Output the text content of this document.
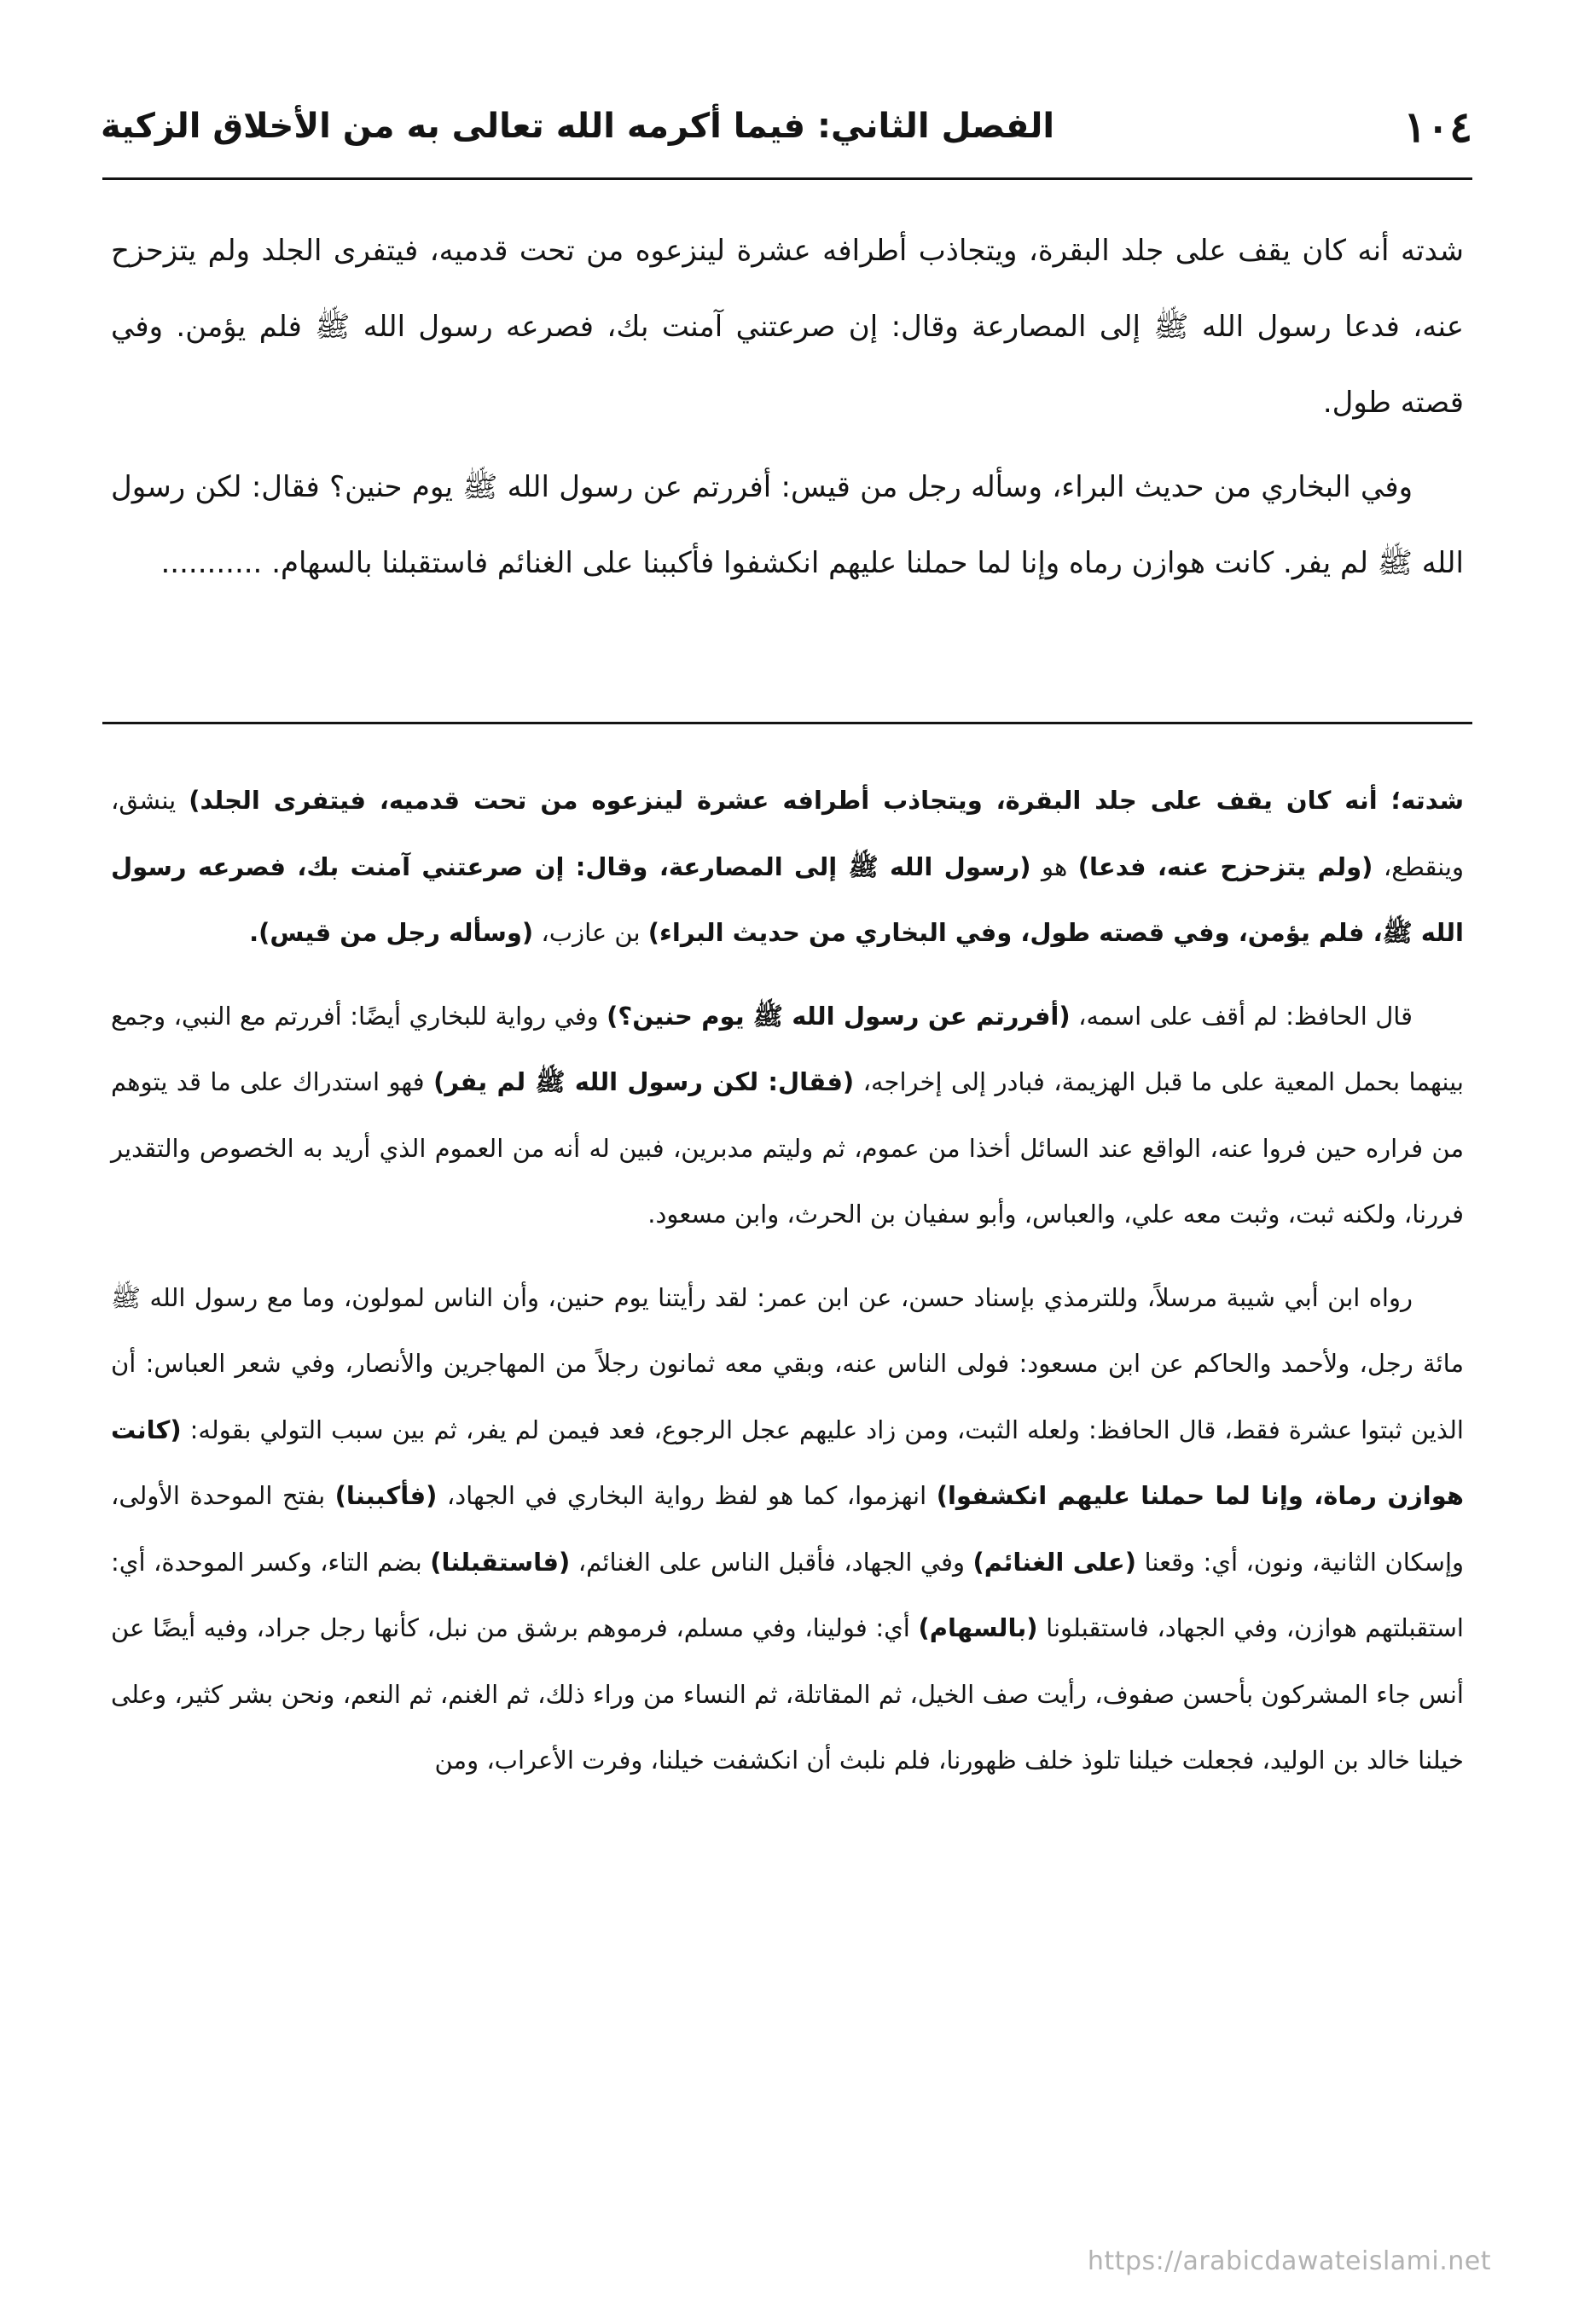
١٠٤
الفصل الثاني: فيما أكرمه الله تعالى به من الأخلاق الزكية

شدته أنه كان يقف على جلد البقرة، ويتجاذب أطرافه عشرة لينزعوه من تحت قدميه، فيتفرى الجلد ولم يتزحزح عنه، فدعا رسول الله ﷺ إلى المصارعة وقال: إن صرعتني آمنت بك، فصرعه رسول الله ﷺ فلم يؤمن. وفي قصته طول.

وفي البخاري من حديث البراء، وسأله رجل من قيس: أفررتم عن رسول الله ﷺ يوم حنين؟ فقال: لكن رسول الله ﷺ لم يفر. كانت هوازن رماه وإنا لما حملنا عليهم انكشفوا فأكببنا على الغنائم فاستقبلنا بالسهام. ...........

شدته؛ أنه كان يقف على جلد البقرة، ويتجاذب أطرافه عشرة لينزعوه من تحت قدميه، فيتفرى الجلد) ينشق، وينقطع، (ولم يتزحزح عنه، فدعا) هو (رسول الله ﷺ إلى المصارعة، وقال: إن صرعتني آمنت بك، فصرعه رسول الله ﷺ، فلم يؤمن، وفي قصته طول، وفي البخاري من حديث البراء) بن عازب، (وسأله رجل من قيس).

قال الحافظ: لم أقف على اسمه، (أفررتم عن رسول الله ﷺ يوم حنين؟) وفي رواية للبخاري أيضًا: أفررتم مع النبي، وجمع بينهما بحمل المعية على ما قبل الهزيمة، فبادر إلى إخراجه، (فقال: لكن رسول الله ﷺ لم يفر) فهو استدراك على ما قد يتوهم من فراره حين فروا عنه، الواقع عند السائل أخذا من عموم، ثم وليتم مدبرين، فبين له أنه من العموم الذي أريد به الخصوص والتقدير فررنا، ولكنه ثبت، وثبت معه علي، والعباس، وأبو سفيان بن الحرث، وابن مسعود.

رواه ابن أبي شيبة مرسلاً، وللترمذي بإسناد حسن، عن ابن عمر: لقد رأيتنا يوم حنين، وأن الناس لمولون، وما مع رسول الله ﷺ مائة رجل، ولأحمد والحاكم عن ابن مسعود: فولى الناس عنه، وبقي معه ثمانون رجلاً من المهاجرين والأنصار، وفي شعر العباس: أن الذين ثبتوا عشرة فقط، قال الحافظ: ولعله الثبت، ومن زاد عليهم عجل الرجوع، فعد فيمن لم يفر، ثم بين سبب التولي بقوله: (كانت هوازن رماة، وإنا لما حملنا عليهم انكشفوا) انهزموا، كما هو لفظ رواية البخاري في الجهاد، (فأكببنا) بفتح الموحدة الأولى، وإسكان الثانية، ونون، أي: وقعنا (على الغنائم) وفي الجهاد، فأقبل الناس على الغنائم، (فاستقبلنا) بضم التاء، وكسر الموحدة، أي: استقبلتهم هوازن، وفي الجهاد، فاستقبلونا (بالسهام) أي: فولينا، وفي مسلم، فرموهم برشق من نبل، كأنها رجل جراد، وفيه أيضًا عن أنس جاء المشركون بأحسن صفوف، رأيت صف الخيل، ثم المقاتلة، ثم النساء من وراء ذلك، ثم الغنم، ثم النعم، ونحن بشر كثير، وعلى خيلنا خالد بن الوليد، فجعلت خيلنا تلوذ خلف ظهورنا، فلم نلبث أن انكشفت خيلنا، وفرت الأعراب، ومن

https://arabicdawateislami.net
